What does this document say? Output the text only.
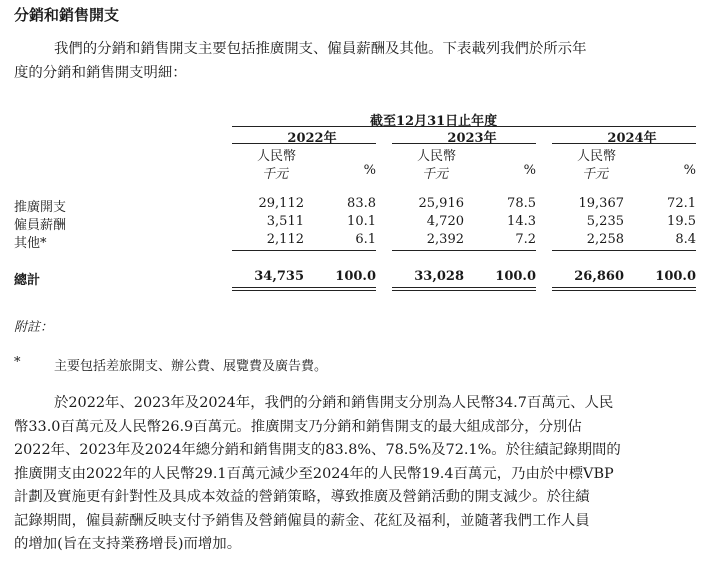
分銷和銷售開支
我們的分銷和銷售開支主要包括推廣開支、僱員薪酬及其他。下表載列我們於所示年
度的分銷和銷售開支明細：
截至12月31日止年度
2022年	2023年	2024年
人民幣	人民幣	人民幣
千元	千元	千元
%	%	%
推廣開支	29,112	83.8	25,916	78.5	19,367	72.1
僱員薪酬	3,511	10.1	4,720	14.3	5,235	19.5
其他*	2,112	6.1	2,392	7.2	2,258	8.4
總計	34,735	100.0	33,028	100.0	26,860	100.0
附註：
*	主要包括差旅開支、辦公費、展覽費及廣告費。
於2022年、2023年及2024年，我們的分銷和銷售開支分別為人民幣34.7百萬元、人民
幣33.0百萬元及人民幣26.9百萬元。推廣開支乃分銷和銷售開支的最大組成部分，分別佔
2022年、2023年及2024年總分銷和銷售開支的83.8%、78.5%及72.1%。於往績記錄期間的
推廣開支由2022年的人民幣29.1百萬元減少至2024年的人民幣19.4百萬元，乃由於中標VBP
計劃及實施更有針對性及具成本效益的營銷策略，導致推廣及營銷活動的開支減少。於往績
記錄期間，僱員薪酬反映支付予銷售及營銷僱員的薪金、花紅及福利，並隨著我們工作人員
的增加(旨在支持業務增長)而增加。
